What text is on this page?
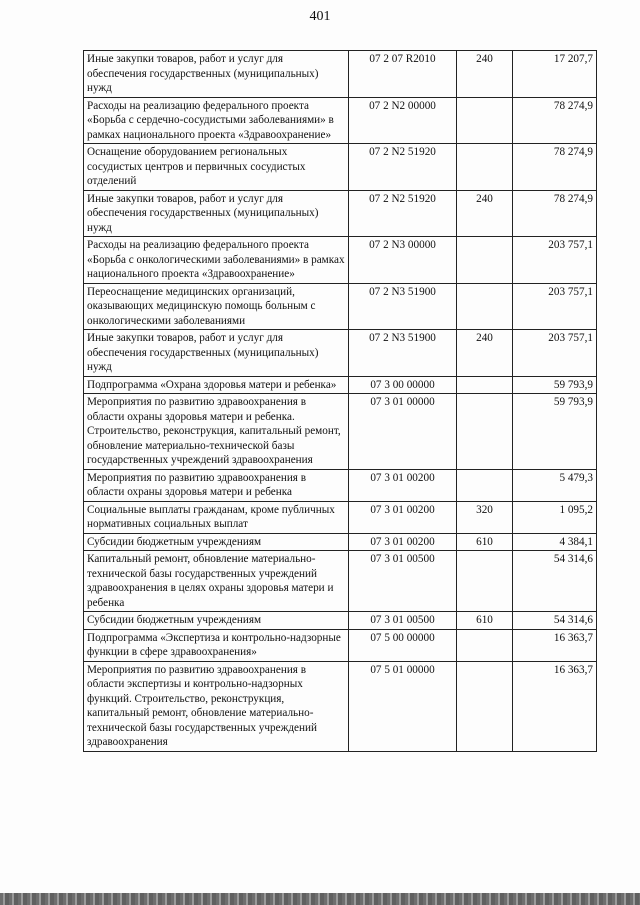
401
Иные закупки товаров, работ и услуг для обеспечения государственных (муниципальных) нужд	07 2 07 R2010	240	17 207,7
Расходы на реализацию федерального проекта «Борьба с сердечно-сосудистыми заболеваниями» в рамках национального проекта «Здравоохранение»	07 2 N2 00000		78 274,9
Оснащение оборудованием региональных сосудистых центров и первичных сосудистых отделений	07 2 N2 51920		78 274,9
Иные закупки товаров, работ и услуг для обеспечения государственных (муниципальных) нужд	07 2 N2 51920	240	78 274,9
Расходы на реализацию федерального проекта «Борьба с онкологическими заболеваниями» в рамках национального проекта «Здравоохранение»	07 2 N3 00000		203 757,1
Переоснащение медицинских организаций, оказывающих медицинскую помощь больным с онкологическими заболеваниями	07 2 N3 51900		203 757,1
Иные закупки товаров, работ и услуг для обеспечения государственных (муниципальных) нужд	07 2 N3 51900	240	203 757,1
Подпрограмма «Охрана здоровья матери и ребенка»	07 3 00 00000		59 793,9
Мероприятия по развитию здравоохранения в области охраны здоровья матери и ребенка. Строительство, реконструкция, капитальный ремонт, обновление материально-технической базы государственных учреждений здравоохранения	07 3 01 00000		59 793,9
Мероприятия по развитию здравоохранения в области охраны здоровья матери и ребенка	07 3 01 00200		5 479,3
Социальные выплаты гражданам, кроме публичных нормативных социальных выплат	07 3 01 00200	320	1 095,2
Субсидии бюджетным учреждениям	07 3 01 00200	610	4 384,1
Капитальный ремонт, обновление материально-технической базы государственных учреждений здравоохранения в целях охраны здоровья матери и ребенка	07 3 01 00500		54 314,6
Субсидии бюджетным учреждениям	07 3 01 00500	610	54 314,6
Подпрограмма «Экспертиза и контрольно-надзорные функции в сфере здравоохранения»	07 5 00 00000		16 363,7
Мероприятия по развитию здравоохранения в области экспертизы и контрольно-надзорных функций. Строительство, реконструкция, капитальный ремонт, обновление материально-технической базы государственных учреждений здравоохранения	07 5 01 00000		16 363,7
